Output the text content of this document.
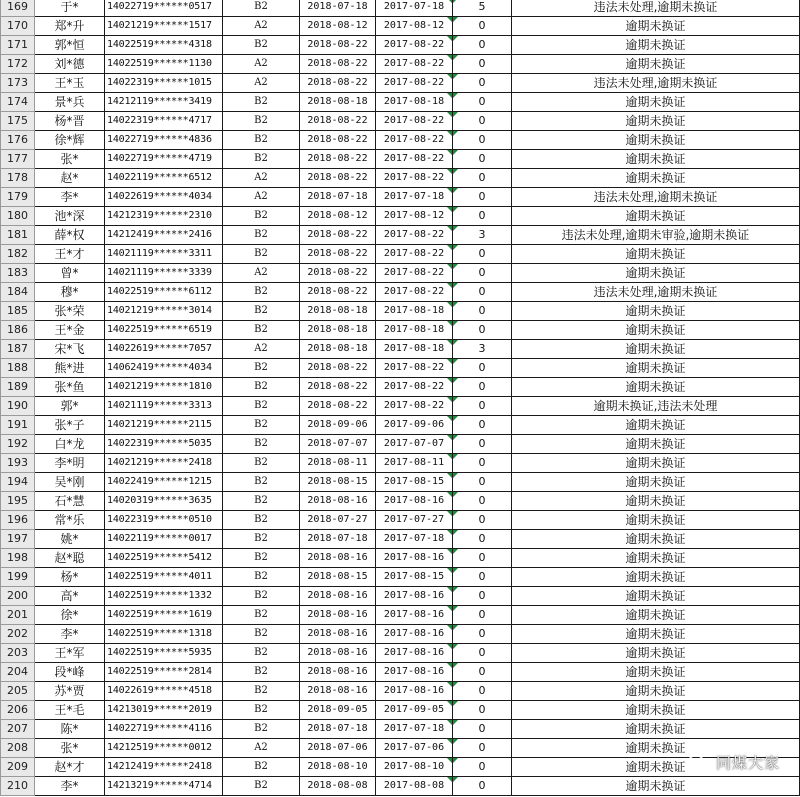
169	于*	14022719******0517	B2	2018-07-18	2017-07-18	5	违法未处理,逾期未换证
170	郑*升	14021219******1517	A2	2018-08-12	2017-08-12	0	逾期未换证
171	郭*恒	14022519******4318	B2	2018-08-22	2017-08-22	0	逾期未换证
172	刘*德	14022519******1130	A2	2018-08-22	2017-08-22	0	逾期未换证
173	王*玉	14022319******1015	A2	2018-08-22	2017-08-22	0	违法未处理,逾期未换证
174	景*兵	14212119******3419	B2	2018-08-18	2017-08-18	0	逾期未换证
175	杨*晋	14022319******4717	B2	2018-08-22	2017-08-22	0	逾期未换证
176	徐*辉	14022719******4836	B2	2018-08-22	2017-08-22	0	逾期未换证
177	张*	14022719******4719	B2	2018-08-22	2017-08-22	0	逾期未换证
178	赵*	14022119******6512	A2	2018-08-22	2017-08-22	0	逾期未换证
179	李*	14022619******4034	A2	2018-07-18	2017-07-18	0	违法未处理,逾期未换证
180	池*深	14212319******2310	B2	2018-08-12	2017-08-12	0	逾期未换证
181	薛*权	14212419******2416	B2	2018-08-22	2017-08-22	3	违法未处理,逾期未审验,逾期未换证
182	王*才	14021119******3311	B2	2018-08-22	2017-08-22	0	逾期未换证
183	曾*	14021119******3339	A2	2018-08-22	2017-08-22	0	逾期未换证
184	穆*	14022519******6112	B2	2018-08-22	2017-08-22	0	违法未处理,逾期未换证
185	张*荣	14021219******3014	B2	2018-08-18	2017-08-18	0	逾期未换证
186	王*金	14022519******6519	B2	2018-08-18	2017-08-18	0	逾期未换证
187	宋*飞	14022619******7057	A2	2018-08-18	2017-08-18	3	逾期未换证
188	熊*进	14062419******4034	B2	2018-08-22	2017-08-22	0	逾期未换证
189	张*鱼	14021219******1810	B2	2018-08-22	2017-08-22	0	逾期未换证
190	郭*	14021119******3313	B2	2018-08-22	2017-08-22	0	逾期未换证,违法未处理
191	张*子	14021219******2115	B2	2018-09-06	2017-09-06	0	逾期未换证
192	白*龙	14022319******5035	B2	2018-07-07	2017-07-07	0	逾期未换证
193	李*明	14021219******2418	B2	2018-08-11	2017-08-11	0	逾期未换证
194	吴*刚	14022419******1215	B2	2018-08-15	2017-08-15	0	逾期未换证
195	石*慧	14020319******3635	B2	2018-08-16	2017-08-16	0	逾期未换证
196	常*乐	14022319******0510	B2	2018-07-27	2017-07-27	0	逾期未换证
197	姚*	14022119******0017	B2	2018-07-18	2017-07-18	0	逾期未换证
198	赵*聪	14022519******5412	B2	2018-08-16	2017-08-16	0	逾期未换证
199	杨*	14022519******4011	B2	2018-08-15	2017-08-15	0	逾期未换证
200	高*	14022519******1332	B2	2018-08-16	2017-08-16	0	逾期未换证
201	徐*	14022519******1619	B2	2018-08-16	2017-08-16	0	逾期未换证
202	李*	14022519******1318	B2	2018-08-16	2017-08-16	0	逾期未换证
203	王*军	14022519******5935	B2	2018-08-16	2017-08-16	0	逾期未换证
204	段*峰	14022519******2814	B2	2018-08-16	2017-08-16	0	逾期未换证
205	苏*贾	14022619******4518	B2	2018-08-16	2017-08-16	0	逾期未换证
206	王*毛	14213019******2019	B2	2018-09-05	2017-09-05	0	逾期未换证
207	陈*	14022719******4116	B2	2018-07-18	2017-07-18	0	逾期未换证
208	张*	14212519******0012	A2	2018-07-06	2017-07-06	0	逾期未换证
209	赵*才	14212419******2418	B2	2018-08-10	2017-08-10	0	逾期未换证
210	李*	14213219******4714	B2	2018-08-08	2017-08-08	0	逾期未换证
同煤大家
